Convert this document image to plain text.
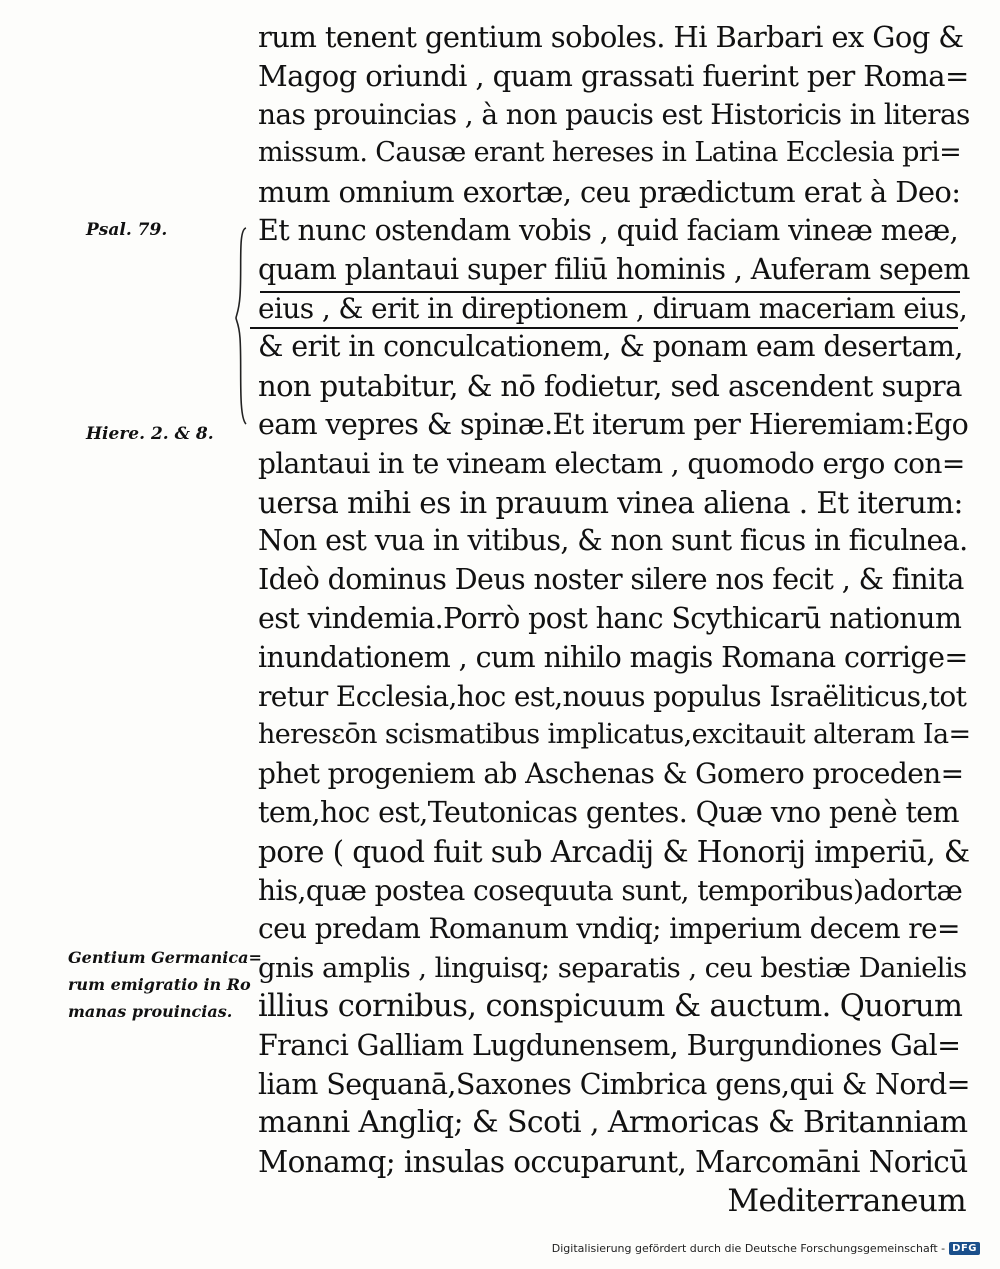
Psal. 79.
Hiere. 2. & 8.
Gentium Germanica=
rum emigratio in Ro
manas prouincias.
rum tenent gentium soboles. Hi Barbari ex Gog &
Magog oriundi , quam grassati fuerint per Roma=
nas prouincias , à non paucis est Historicis in literas
missum. Causæ erant hereses in Latina Ecclesia pri=
mum omnium exortæ, ceu prædictum erat à Deo:
Et nunc ostendam vobis , quid faciam vineæ meæ,
quam plantaui super filiū hominis , Auferam sepem
eius , & erit in direptionem , diruam maceriam eius,
& erit in conculcationem, & ponam eam desertam,
non putabitur, & nō fodietur, sed ascendent supra
eam vepres & spinæ.Et iterum per Hieremiam:Ego
plantaui in te vineam electam , quomodo ergo con=
uersa mihi es in prauum vinea aliena . Et iterum:
Non est vua in vitibus, & non sunt ficus in ficulnea.
Ideò dominus Deus noster silere nos fecit , & finita
est vindemia.Porrò post hanc Scythicarū nationum
inundationem , cum nihilo magis Romana corrige=
retur Ecclesia,hoc est,nouus populus Israëliticus,tot
heresεōn scismatibus implicatus,excitauit alteram Ia=
phet progeniem ab Aschenas & Gomero proceden=
tem,hoc est,Teutonicas gentes. Quæ vno penè tem
pore ( quod fuit sub Arcadij & Honorij imperiū, &
his,quæ postea cosequuta sunt, temporibus)adortæ
ceu predam Romanum vndiq; imperium decem re=
gnis amplis , linguisq; separatis , ceu bestiæ Danielis
illius cornibus, conspicuum & auctum. Quorum
Franci Galliam Lugdunensem, Burgundiones Gal=
liam Sequanā,Saxones Cimbrica gens,qui & Nord=
manni Angliq; & Scoti , Armoricas & Britanniam
Monamq; insulas occuparunt, Marcomāni Noricū
Mediterraneum
Digitalisierung gefördert durch die Deutsche Forschungsgemeinschaft - DFG
